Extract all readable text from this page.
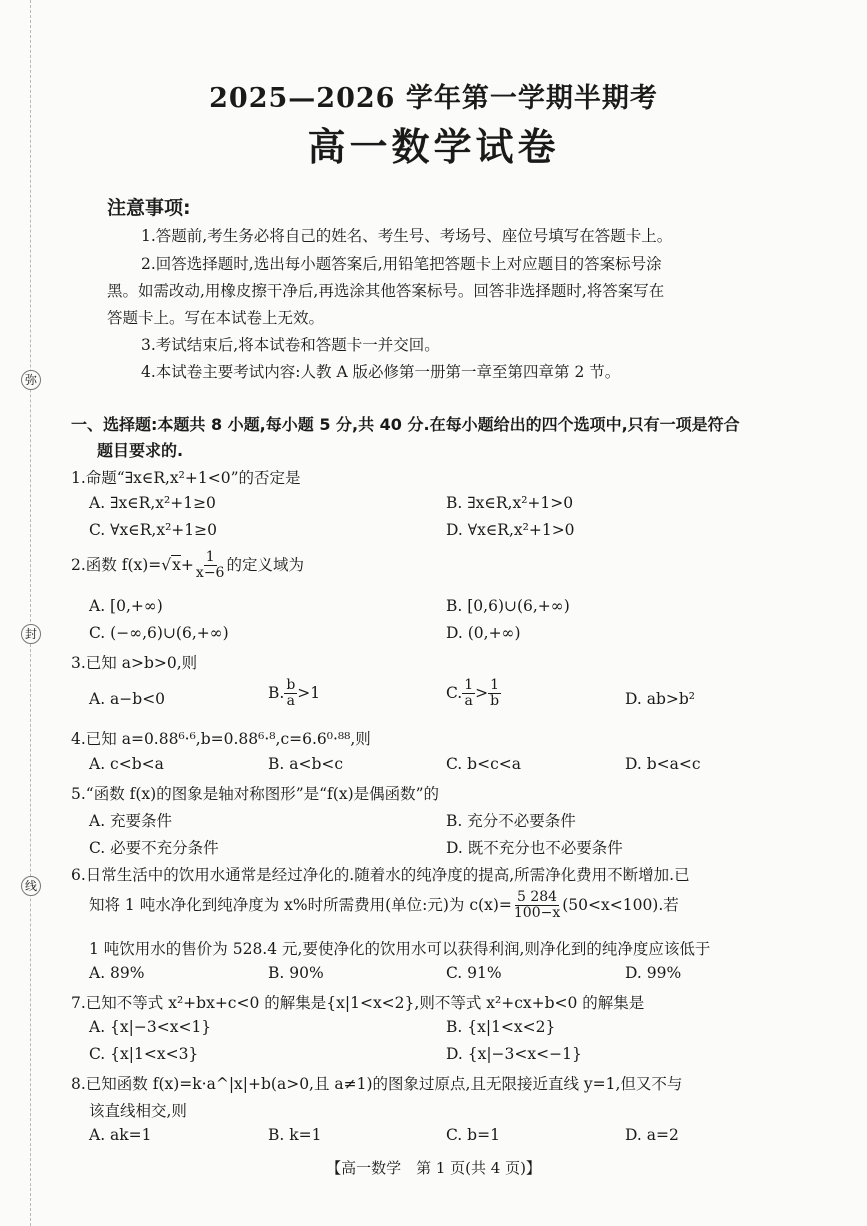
弥
封
线
2025—2026 学年第一学期半期考
高一数学试卷
注意事项:
1.答题前,考生务必将自己的姓名、考生号、考场号、座位号填写在答题卡上。
2.回答选择题时,选出每小题答案后,用铅笔把答题卡上对应题目的答案标号涂
黑。如需改动,用橡皮擦干净后,再选涂其他答案标号。回答非选择题时,将答案写在
答题卡上。写在本试卷上无效。
3.考试结束后,将本试卷和答题卡一并交回。
4.本试卷主要考试内容:人教 A 版必修第一册第一章至第四章第 2 节。
一、选择题:本题共 8 小题,每小题 5 分,共 40 分.在每小题给出的四个选项中,只有一项是符合
题目要求的.
1.命题“∃x∈R,x²+1<0”的否定是
A. ∃x∈R,x²+1≥0	B. ∃x∈R,x²+1>0
C. ∀x∈R,x²+1≥0	D. ∀x∈R,x²+1>0
2.函数 $f(x)=√x+ \frac{1}{x-6}$ 的定义域为
A. [0,+∞)	B. [0,6)∪(6,+∞)
C. (−∞,6)∪(6,+∞)	D. (0,+∞)
3.已知 a>b>0,则
A. a−b<0	B. $\frac{b}{a} >1$	C. $\frac{1}{a} > \frac{1}{b}$	D. ab>b²
4.已知 a=0.88⁶·⁶,b=0.88⁶·⁸,c=6.6⁰·⁸⁸,则
A. c<b<a	B. a<b<c	C. b<c<a	D. b<a<c
5.“函数 f(x)的图象是轴对称图形”是“f(x)是偶函数”的
A. 充要条件	B. 充分不必要条件
C. 必要不充分条件	D. 既不充分也不必要条件
6.日常生活中的饮用水通常是经过净化的.随着水的纯净度的提高,所需净化费用不断增加.已
知将 1 吨水净化到纯净度为 x%时所需费用(单位:元)为 $c(x)= \frac{5 284}{100-x} (50<x<100)$.若
1 吨饮用水的售价为 528.4 元,要使净化的饮用水可以获得利润,则净化到的纯净度应该低于
A. 89%	B. 90%	C. 91%	D. 99%
7.已知不等式 x²+bx+c<0 的解集是{x|1<x<2},则不等式 x²+cx+b<0 的解集是
A. {x|−3<x<1}	B. {x|1<x<2}
C. {x|1<x<3}	D. {x|−3<x<−1}
8.已知函数 f(x)=k·a^|x|+b(a>0,且 a≠1)的图象过原点,且无限接近直线 y=1,但又不与
该直线相交,则
A. ak=1	B. k=1	C. b=1	D. a=2
【高一数学　第 1 页(共 4 页)】
